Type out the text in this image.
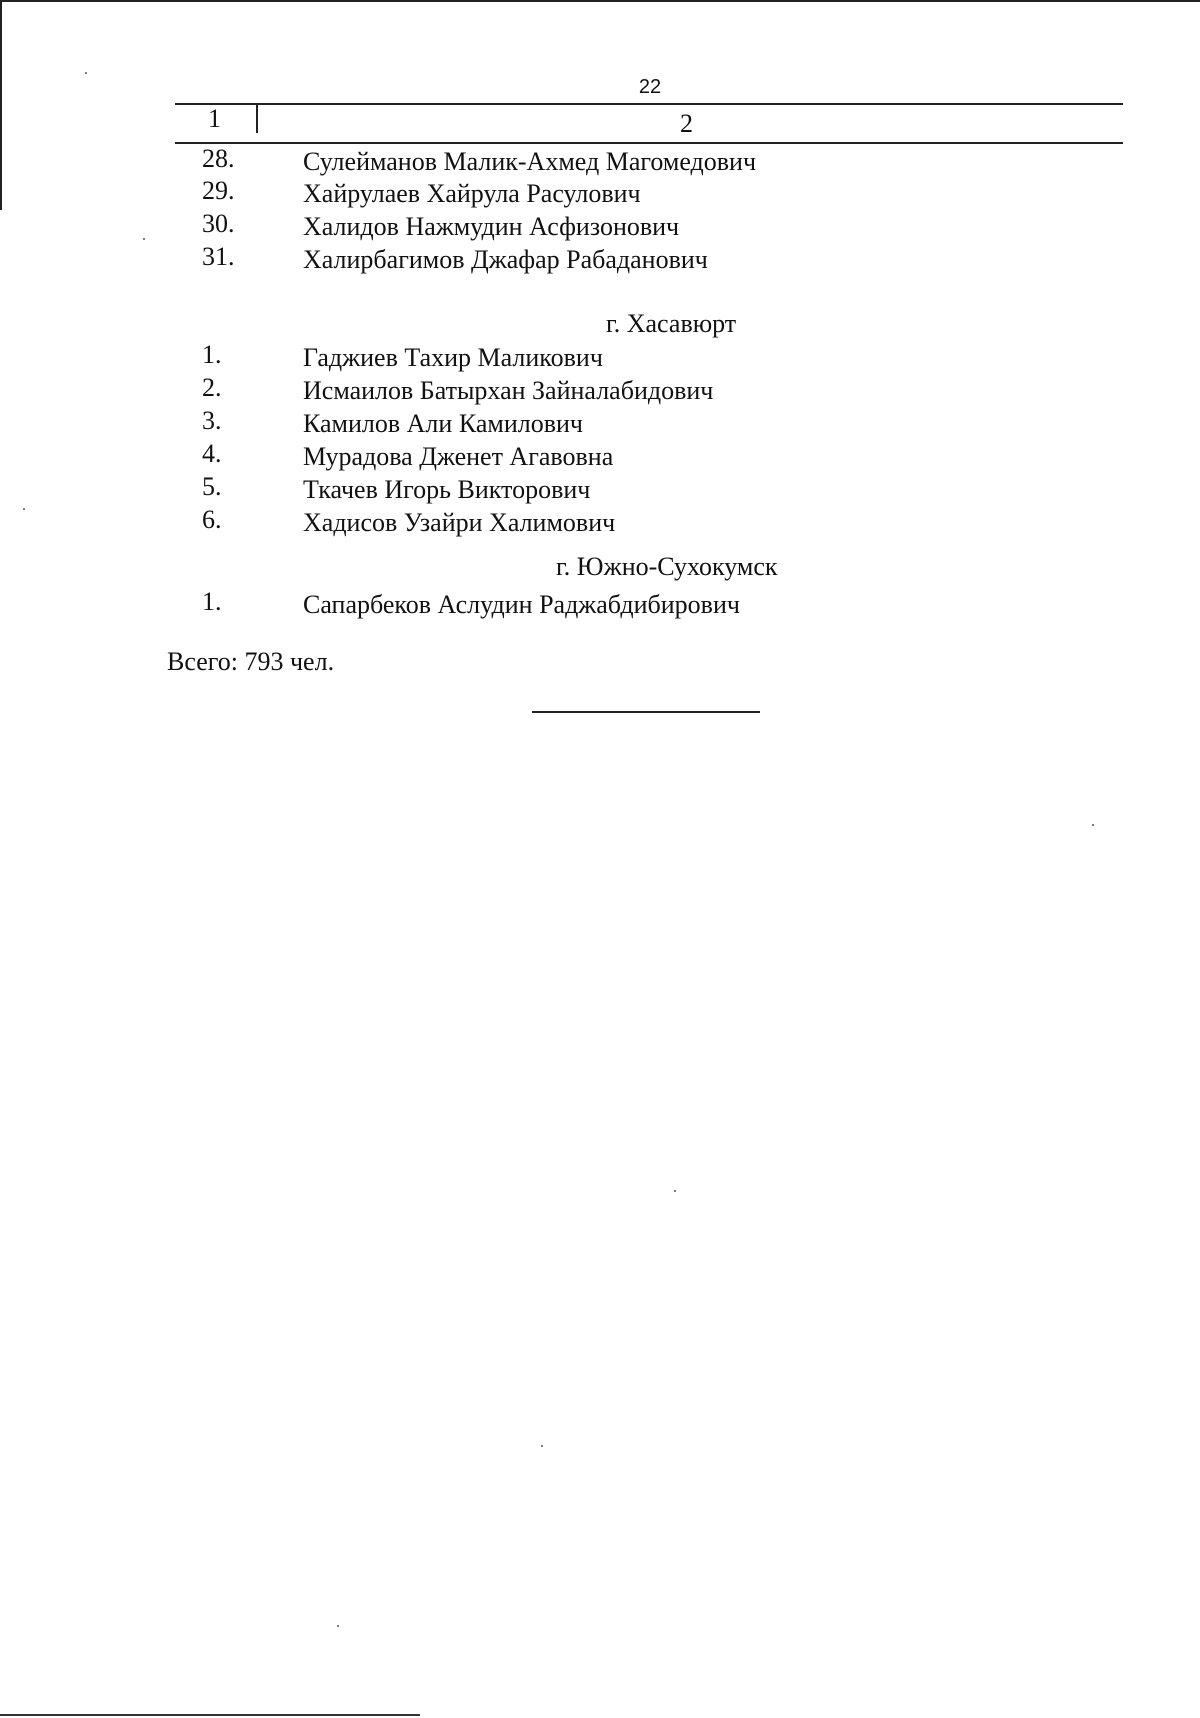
22
1	2
28.	Сулейманов Малик-Ахмед Магомедович
29.	Хайрулаев Хайрула Расулович
30.	Халидов Нажмудин Асфизонович
31.	Халирбагимов Джафар Рабаданович
г. Хасавюрт
1.	Гаджиев Тахир Маликович
2.	Исмаилов Батырхан Зайналабидович
3.	Камилов Али Камилович
4.	Мурадова Дженет Агавовна
5.	Ткачев Игорь Викторович
6.	Хадисов Узайри Халимович
г. Южно-Сухокумск
1.	Сапарбеков Аслудин Раджабдибирович
Всего: 793 чел.
